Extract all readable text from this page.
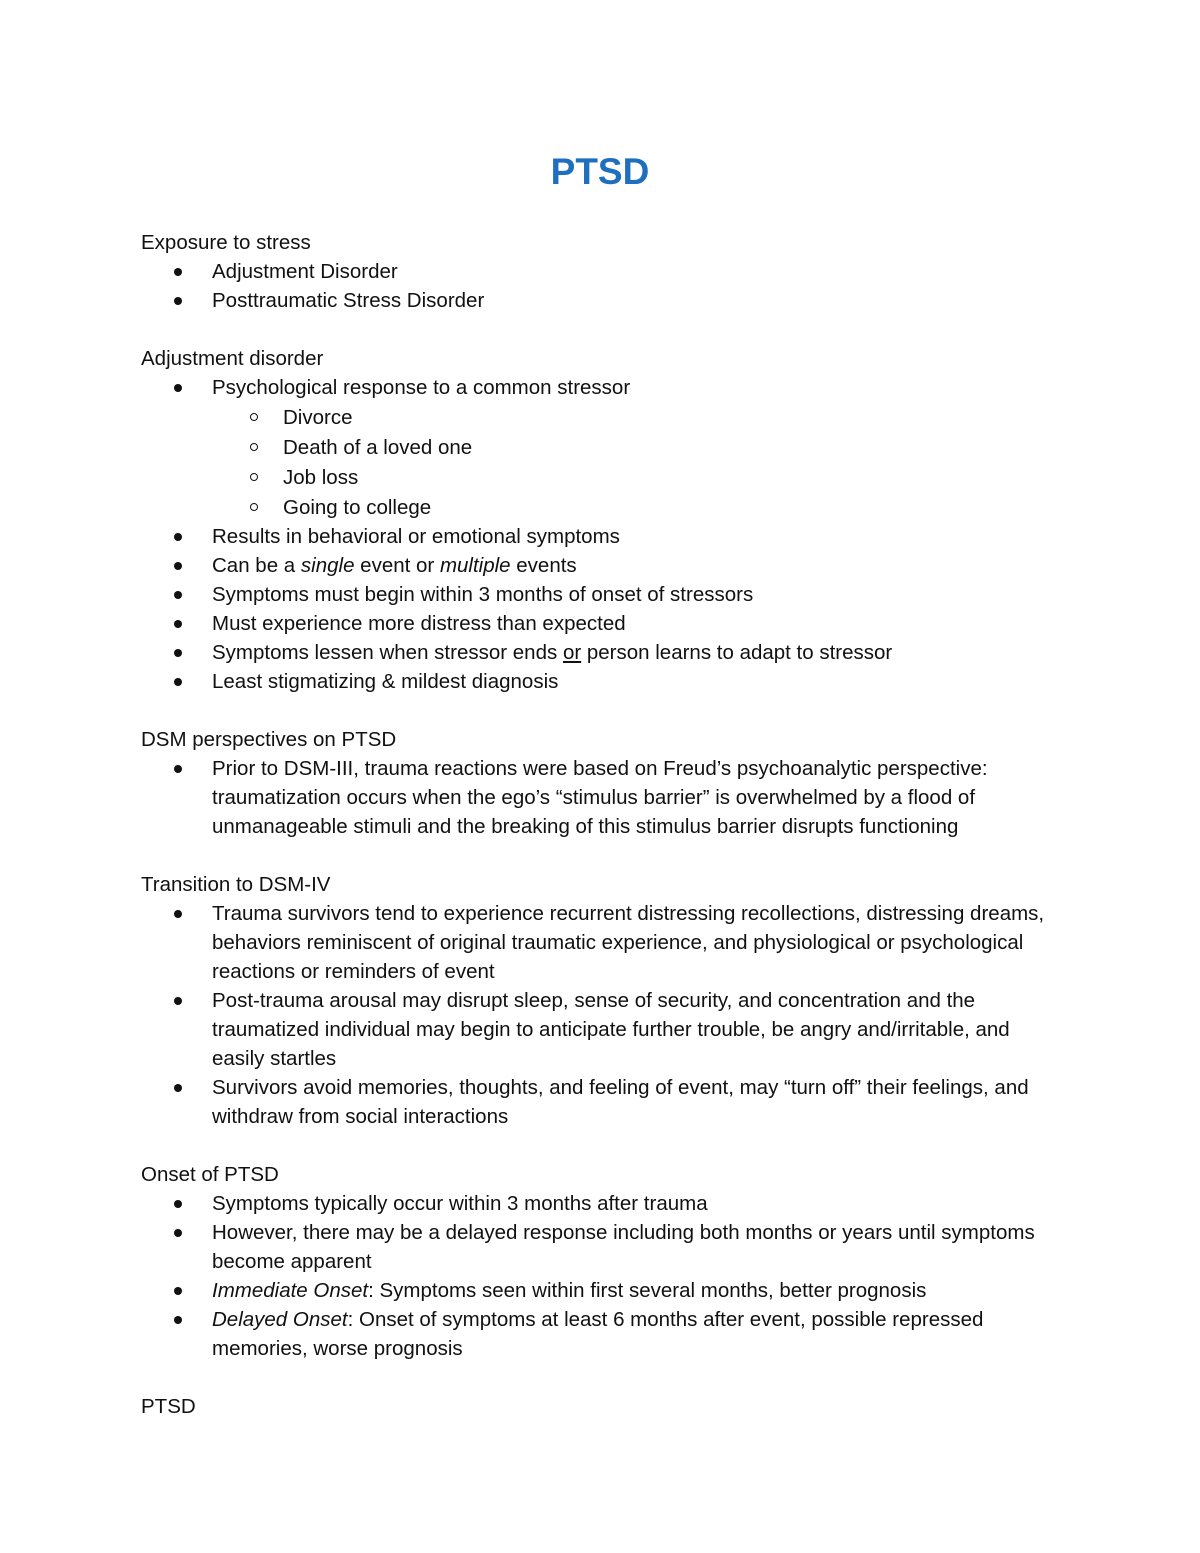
PTSD
Exposure to stress
Adjustment Disorder
Posttraumatic Stress Disorder
Adjustment disorder
Psychological response to a common stressor
Divorce
Death of a loved one
Job loss
Going to college
Results in behavioral or emotional symptoms
Can be a single event or multiple events
Symptoms must begin within 3 months of onset of stressors
Must experience more distress than expected
Symptoms lessen when stressor ends or person learns to adapt to stressor
Least stigmatizing & mildest diagnosis
DSM perspectives on PTSD
Prior to DSM-III, trauma reactions were based on Freud’s psychoanalytic perspective: traumatization occurs when the ego’s “stimulus barrier” is overwhelmed by a flood of unmanageable stimuli and the breaking of this stimulus barrier disrupts functioning
Transition to DSM-IV
Trauma survivors tend to experience recurrent distressing recollections, distressing dreams, behaviors reminiscent of original traumatic experience, and physiological or psychological reactions or reminders of event
Post-trauma arousal may disrupt sleep, sense of security, and concentration and the traumatized individual may begin to anticipate further trouble, be angry and/irritable, and easily startles
Survivors avoid memories, thoughts, and feeling of event, may “turn off” their feelings, and withdraw from social interactions
Onset of PTSD
Symptoms typically occur within 3 months after trauma
However, there may be a delayed response including both months or years until symptoms become apparent
Immediate Onset: Symptoms seen within first several months, better prognosis
Delayed Onset: Onset of symptoms at least 6 months after event, possible repressed memories, worse prognosis
PTSD
